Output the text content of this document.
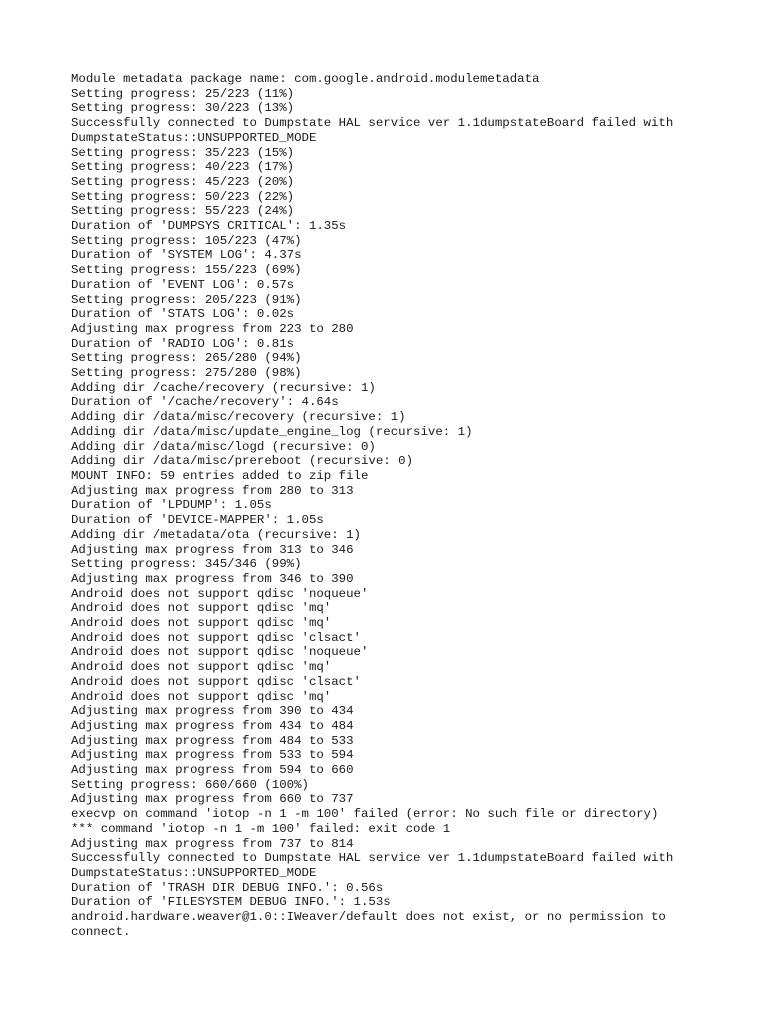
Module metadata package name: com.google.android.modulemetadata
Setting progress: 25/223 (11%)
Setting progress: 30/223 (13%)
Successfully connected to Dumpstate HAL service ver 1.1dumpstateBoard failed with
DumpstateStatus::UNSUPPORTED_MODE
Setting progress: 35/223 (15%)
Setting progress: 40/223 (17%)
Setting progress: 45/223 (20%)
Setting progress: 50/223 (22%)
Setting progress: 55/223 (24%)
Duration of 'DUMPSYS CRITICAL': 1.35s
Setting progress: 105/223 (47%)
Duration of 'SYSTEM LOG': 4.37s
Setting progress: 155/223 (69%)
Duration of 'EVENT LOG': 0.57s
Setting progress: 205/223 (91%)
Duration of 'STATS LOG': 0.02s
Adjusting max progress from 223 to 280
Duration of 'RADIO LOG': 0.81s
Setting progress: 265/280 (94%)
Setting progress: 275/280 (98%)
Adding dir /cache/recovery (recursive: 1)
Duration of '/cache/recovery': 4.64s
Adding dir /data/misc/recovery (recursive: 1)
Adding dir /data/misc/update_engine_log (recursive: 1)
Adding dir /data/misc/logd (recursive: 0)
Adding dir /data/misc/prereboot (recursive: 0)
MOUNT INFO: 59 entries added to zip file
Adjusting max progress from 280 to 313
Duration of 'LPDUMP': 1.05s
Duration of 'DEVICE-MAPPER': 1.05s
Adding dir /metadata/ota (recursive: 1)
Adjusting max progress from 313 to 346
Setting progress: 345/346 (99%)
Adjusting max progress from 346 to 390
Android does not support qdisc 'noqueue'
Android does not support qdisc 'mq'
Android does not support qdisc 'mq'
Android does not support qdisc 'clsact'
Android does not support qdisc 'noqueue'
Android does not support qdisc 'mq'
Android does not support qdisc 'clsact'
Android does not support qdisc 'mq'
Adjusting max progress from 390 to 434
Adjusting max progress from 434 to 484
Adjusting max progress from 484 to 533
Adjusting max progress from 533 to 594
Adjusting max progress from 594 to 660
Setting progress: 660/660 (100%)
Adjusting max progress from 660 to 737
execvp on command 'iotop -n 1 -m 100' failed (error: No such file or directory)
*** command 'iotop -n 1 -m 100' failed: exit code 1
Adjusting max progress from 737 to 814
Successfully connected to Dumpstate HAL service ver 1.1dumpstateBoard failed with
DumpstateStatus::UNSUPPORTED_MODE
Duration of 'TRASH DIR DEBUG INFO.': 0.56s
Duration of 'FILESYSTEM DEBUG INFO.': 1.53s
android.hardware.weaver@1.0::IWeaver/default does not exist, or no permission to
connect.
